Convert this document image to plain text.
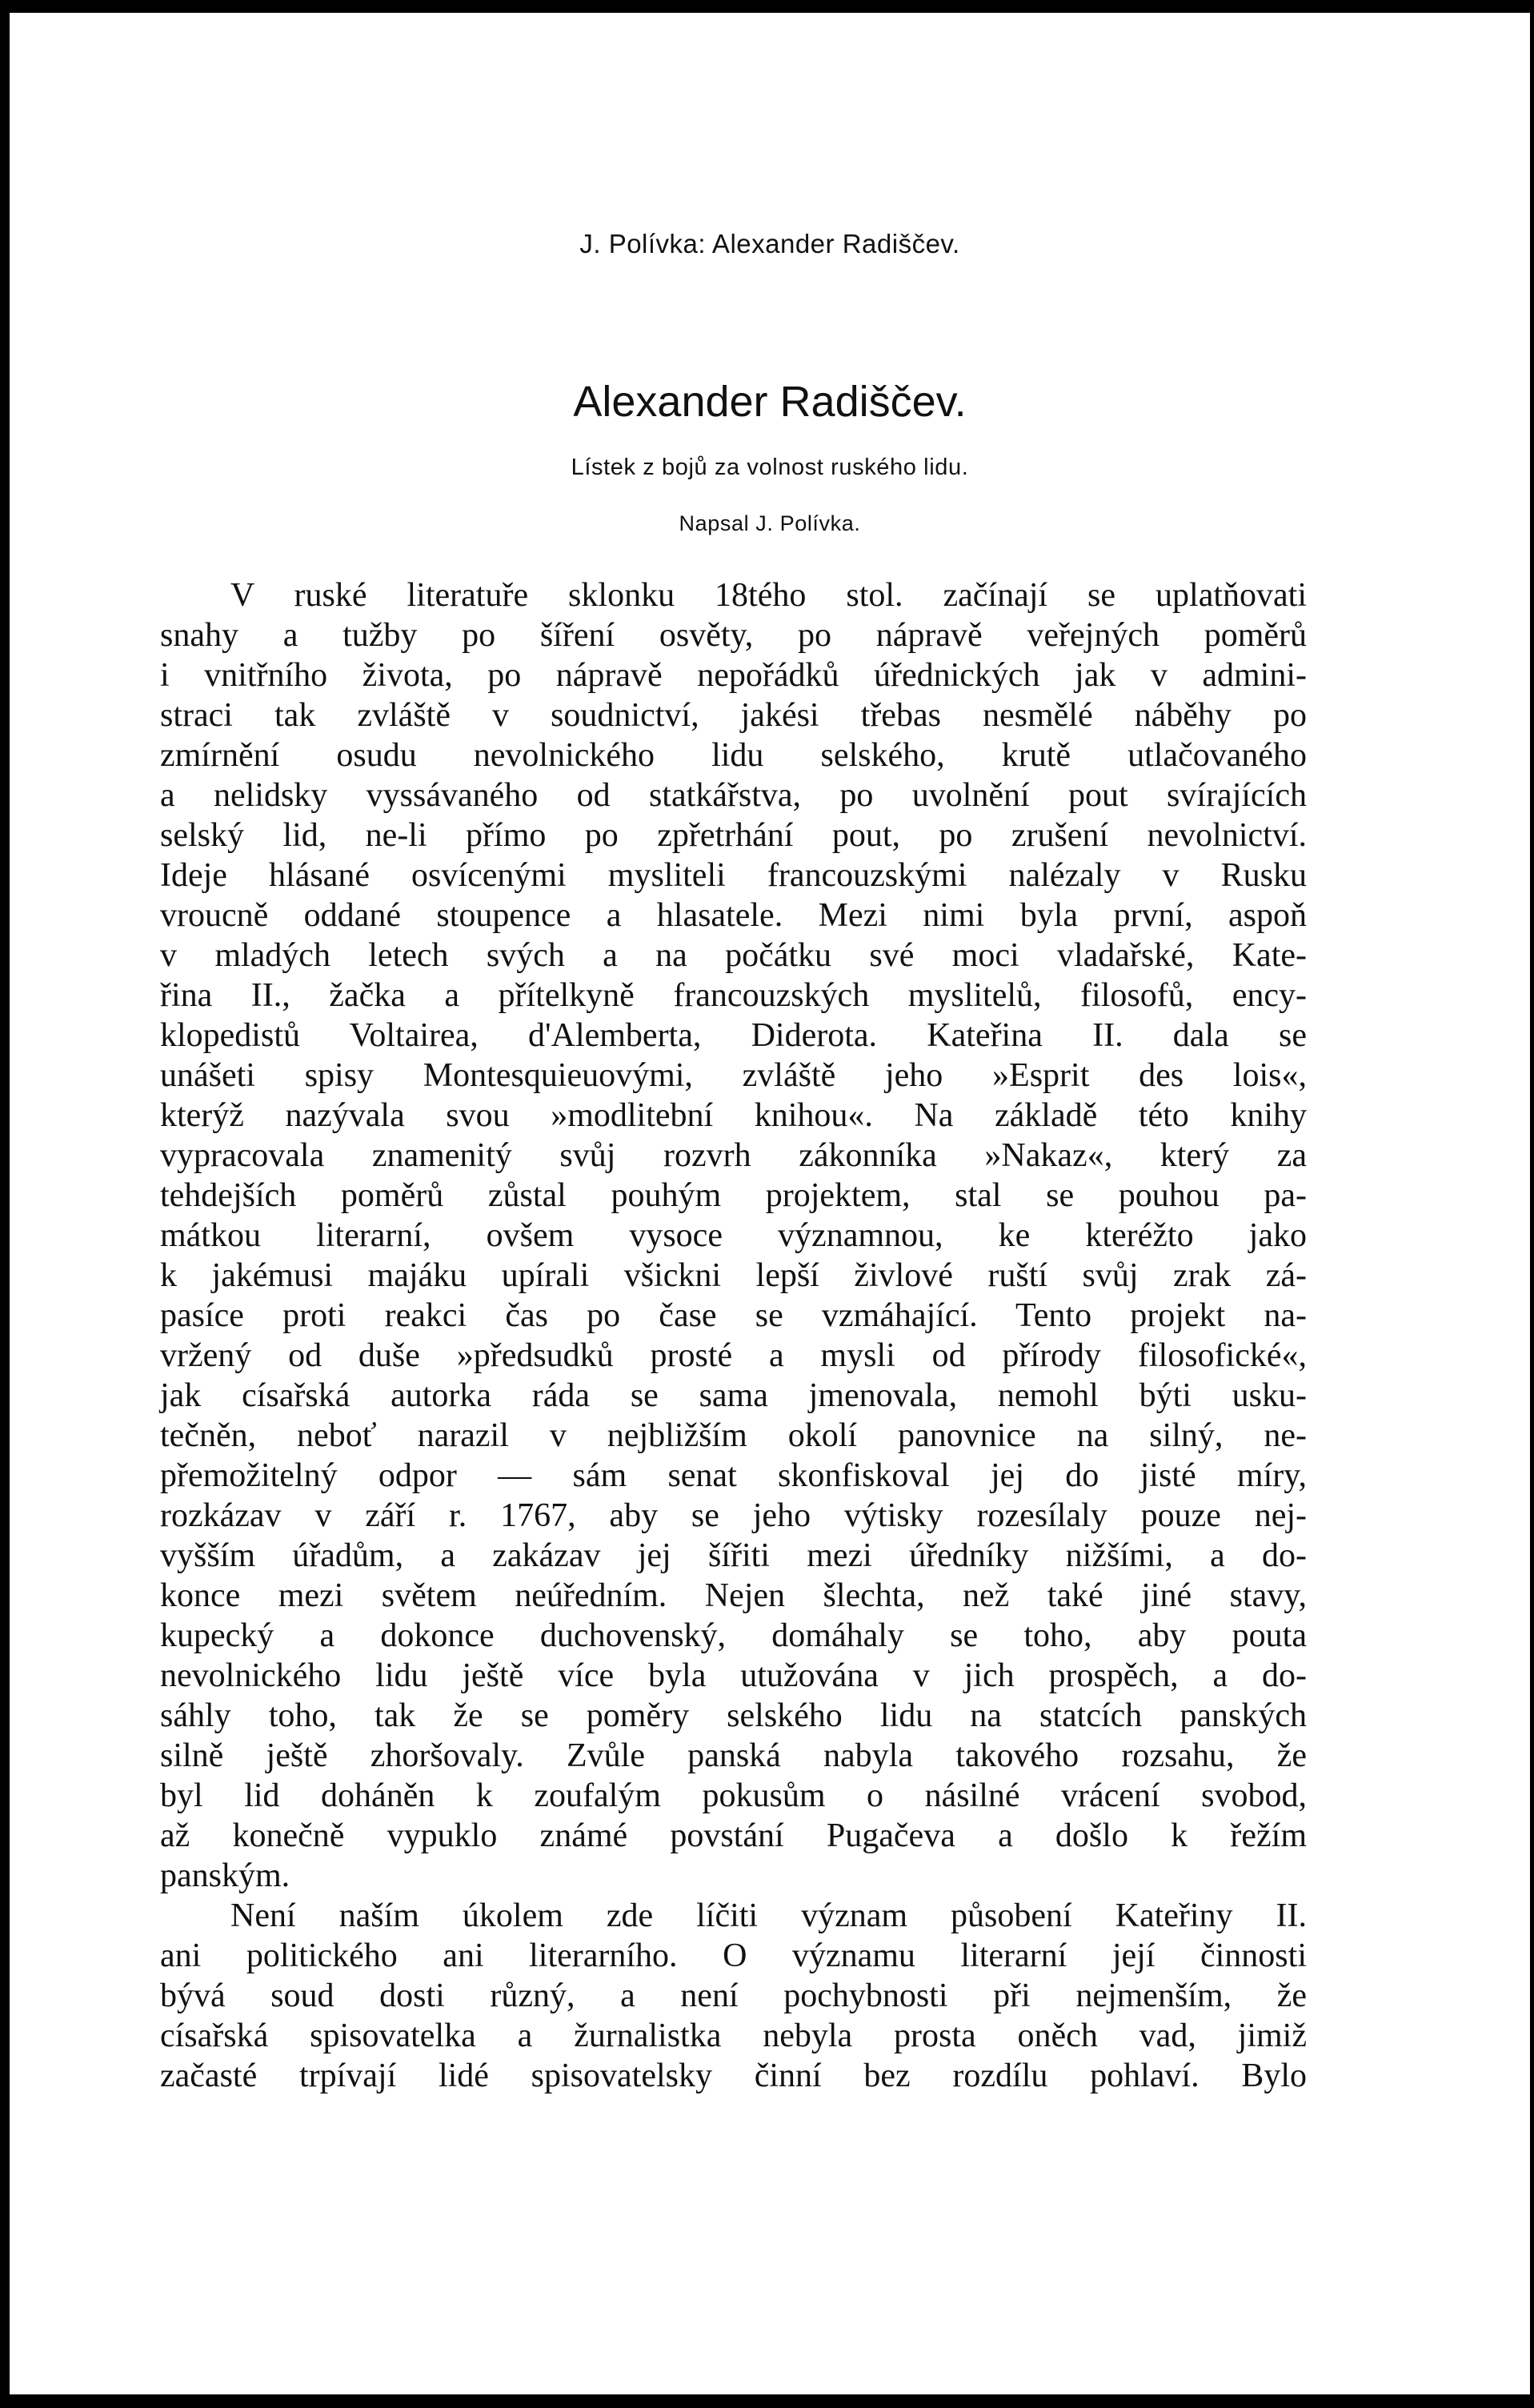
J. Polívka: Alexander Radiščev.
Alexander Radiščev.
Lístek z bojů za volnost ruského lidu.
Napsal J. Polívka.
V ruské literatuře sklonku 18tého stol. začínají se uplatňovati
snahy a tužby po šíření osvěty, po nápravě veřejných poměrů
i vnitřního života, po nápravě nepořádků úřednických jak v admini-
straci tak zvláště v soudnictví, jakési třebas nesmělé náběhy po
zmírnění osudu nevolnického lidu selského, krutě utlačovaného
a nelidsky vyssávaného od statkářstva, po uvolnění pout svírajících
selský lid, ne-li přímo po zpřetrhání pout, po zrušení nevolnictví.
Ideje hlásané osvícenými mysliteli francouzskými nalézaly v Rusku
vroucně oddané stoupence a hlasatele. Mezi nimi byla první, aspoň
v mladých letech svých a na počátku své moci vladařské, Kate-
řina II., žačka a přítelkyně francouzských myslitelů, filosofů, ency-
klopedistů Voltairea, d'Alemberta, Diderota. Kateřina II. dala se
unášeti spisy Montesquieuovými, zvláště jeho »Esprit des lois«,
kterýž nazývala svou »modlitební knihou«. Na základě této knihy
vypracovala znamenitý svůj rozvrh zákonníka »Nakaz«, který za
tehdejších poměrů zůstal pouhým projektem, stal se pouhou pa-
mátkou literarní, ovšem vysoce významnou, ke kteréžto jako
k jakémusi majáku upírali všickni lepší živlové ruští svůj zrak zá-
pasíce proti reakci čas po čase se vzmáhající. Tento projekt na-
vržený od duše »předsudků prosté a mysli od přírody filosofické«,
jak císařská autorka ráda se sama jmenovala, nemohl býti usku-
tečněn, neboť narazil v nejbližším okolí panovnice na silný, ne-
přemožitelný odpor — sám senat skonfiskoval jej do jisté míry,
rozkázav v září r. 1767, aby se jeho výtisky rozesílaly pouze nej-
vyšším úřadům, a zakázav jej šířiti mezi úředníky nižšími, a do-
konce mezi světem neúředním. Nejen šlechta, než také jiné stavy,
kupecký a dokonce duchovenský, domáhaly se toho, aby pouta
nevolnického lidu ještě více byla utužována v jich prospěch, a do-
sáhly toho, tak že se poměry selského lidu na statcích panských
silně ještě zhoršovaly. Zvůle panská nabyla takového rozsahu, že
byl lid doháněn k zoufalým pokusům o násilné vrácení svobod,
až konečně vypuklo známé povstání Pugačeva a došlo k řežím
panským.
Není naším úkolem zde líčiti význam působení Kateřiny II.
ani politického ani literarního. O významu literarní její činnosti
bývá soud dosti různý, a není pochybnosti při nejmenším, že
císařská spisovatelka a žurnalistka nebyla prosta oněch vad, jimiž
začasté trpívají lidé spisovatelsky činní bez rozdílu pohlaví. Bylo
